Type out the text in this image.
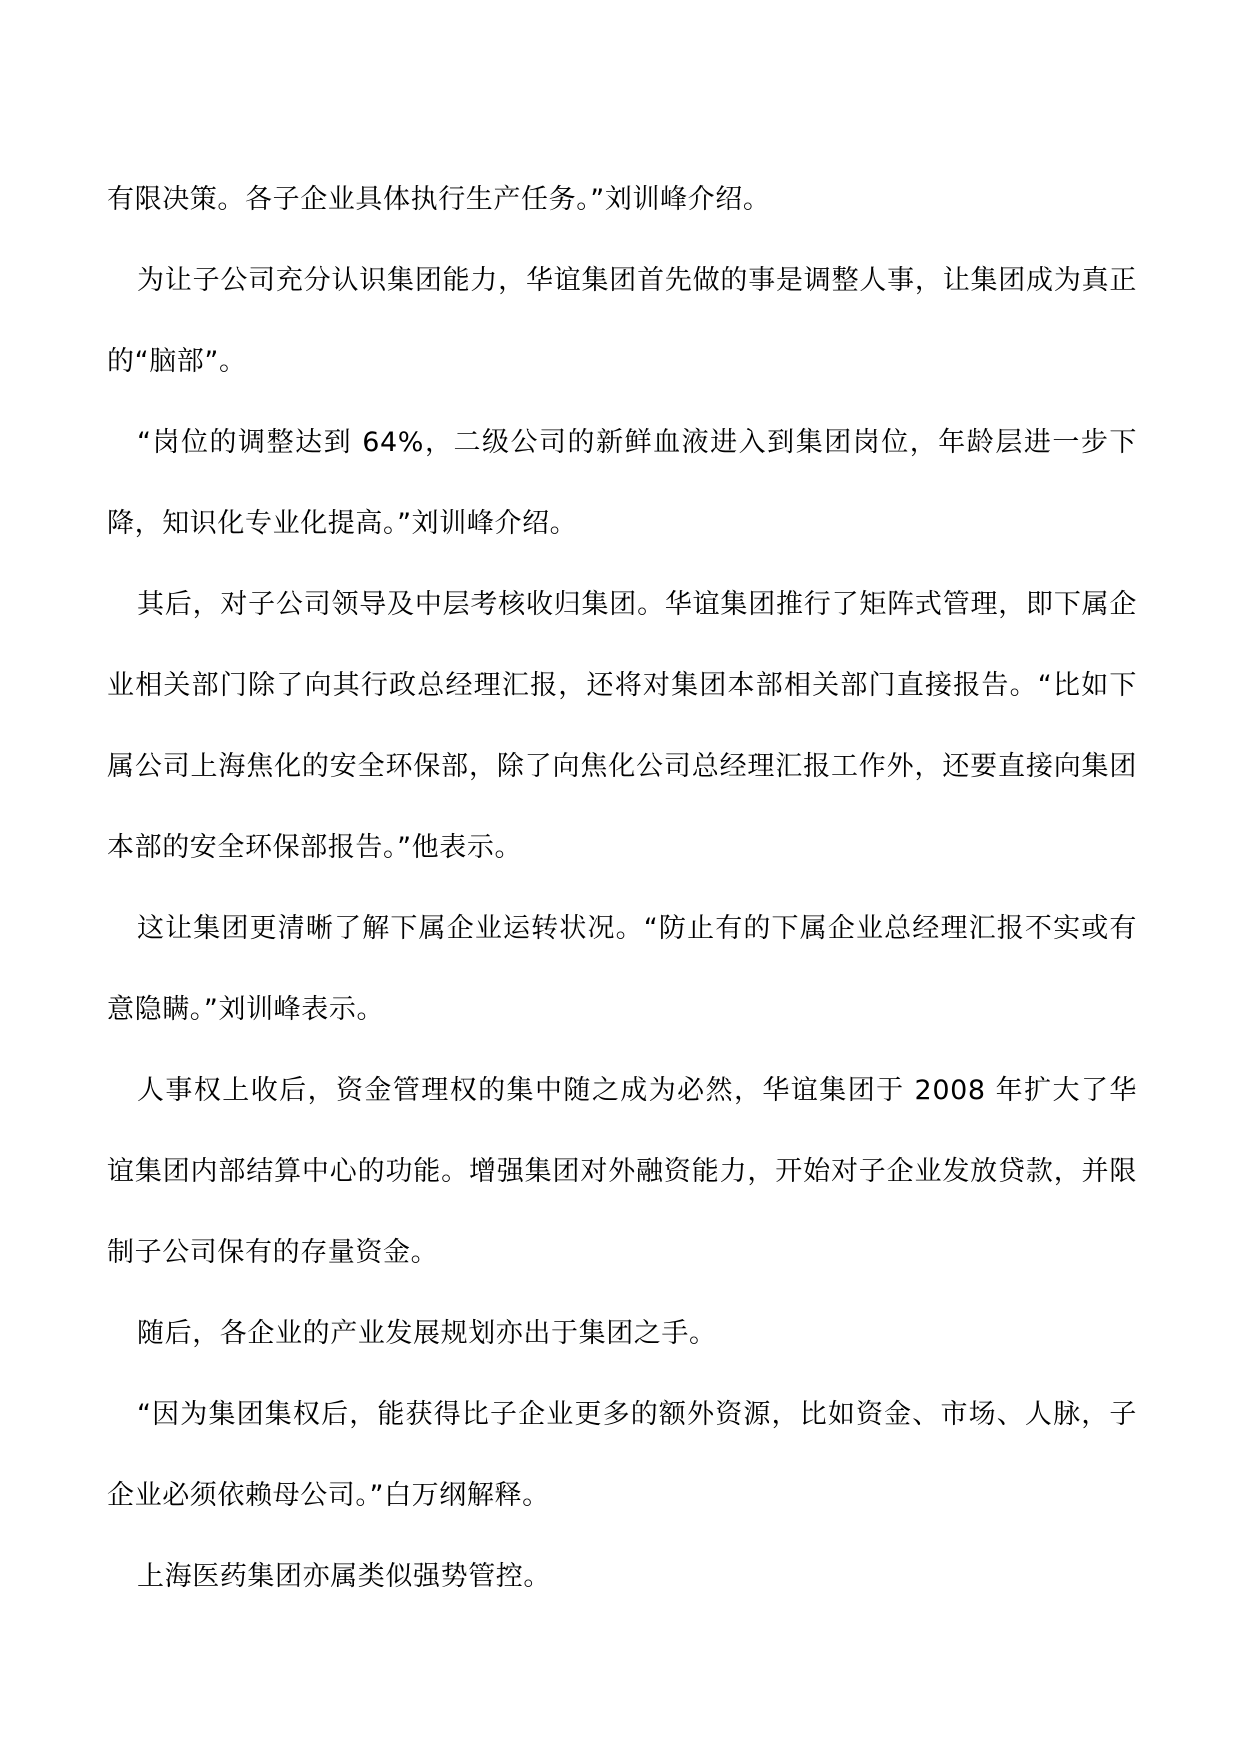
有限决策。各子企业具体执行生产任务。”刘训峰介绍。

为让子公司充分认识集团能力，华谊集团首先做的事是调整人事，让集团成为真正的“脑部”。

“岗位的调整达到 64%，二级公司的新鲜血液进入到集团岗位，年龄层进一步下降，知识化专业化提高。”刘训峰介绍。

其后，对子公司领导及中层考核收归集团。华谊集团推行了矩阵式管理，即下属企业相关部门除了向其行政总经理汇报，还将对集团本部相关部门直接报告。“比如下属公司上海焦化的安全环保部，除了向焦化公司总经理汇报工作外，还要直接向集团本部的安全环保部报告。”他表示。

这让集团更清晰了解下属企业运转状况。“防止有的下属企业总经理汇报不实或有意隐瞒。”刘训峰表示。

人事权上收后，资金管理权的集中随之成为必然，华谊集团于 2008 年扩大了华谊集团内部结算中心的功能。增强集团对外融资能力，开始对子企业发放贷款，并限制子公司保有的存量资金。

随后，各企业的产业发展规划亦出于集团之手。

“因为集团集权后，能获得比子企业更多的额外资源，比如资金、市场、人脉，子企业必须依赖母公司。”白万纲解释。

上海医药集团亦属类似强势管控。
